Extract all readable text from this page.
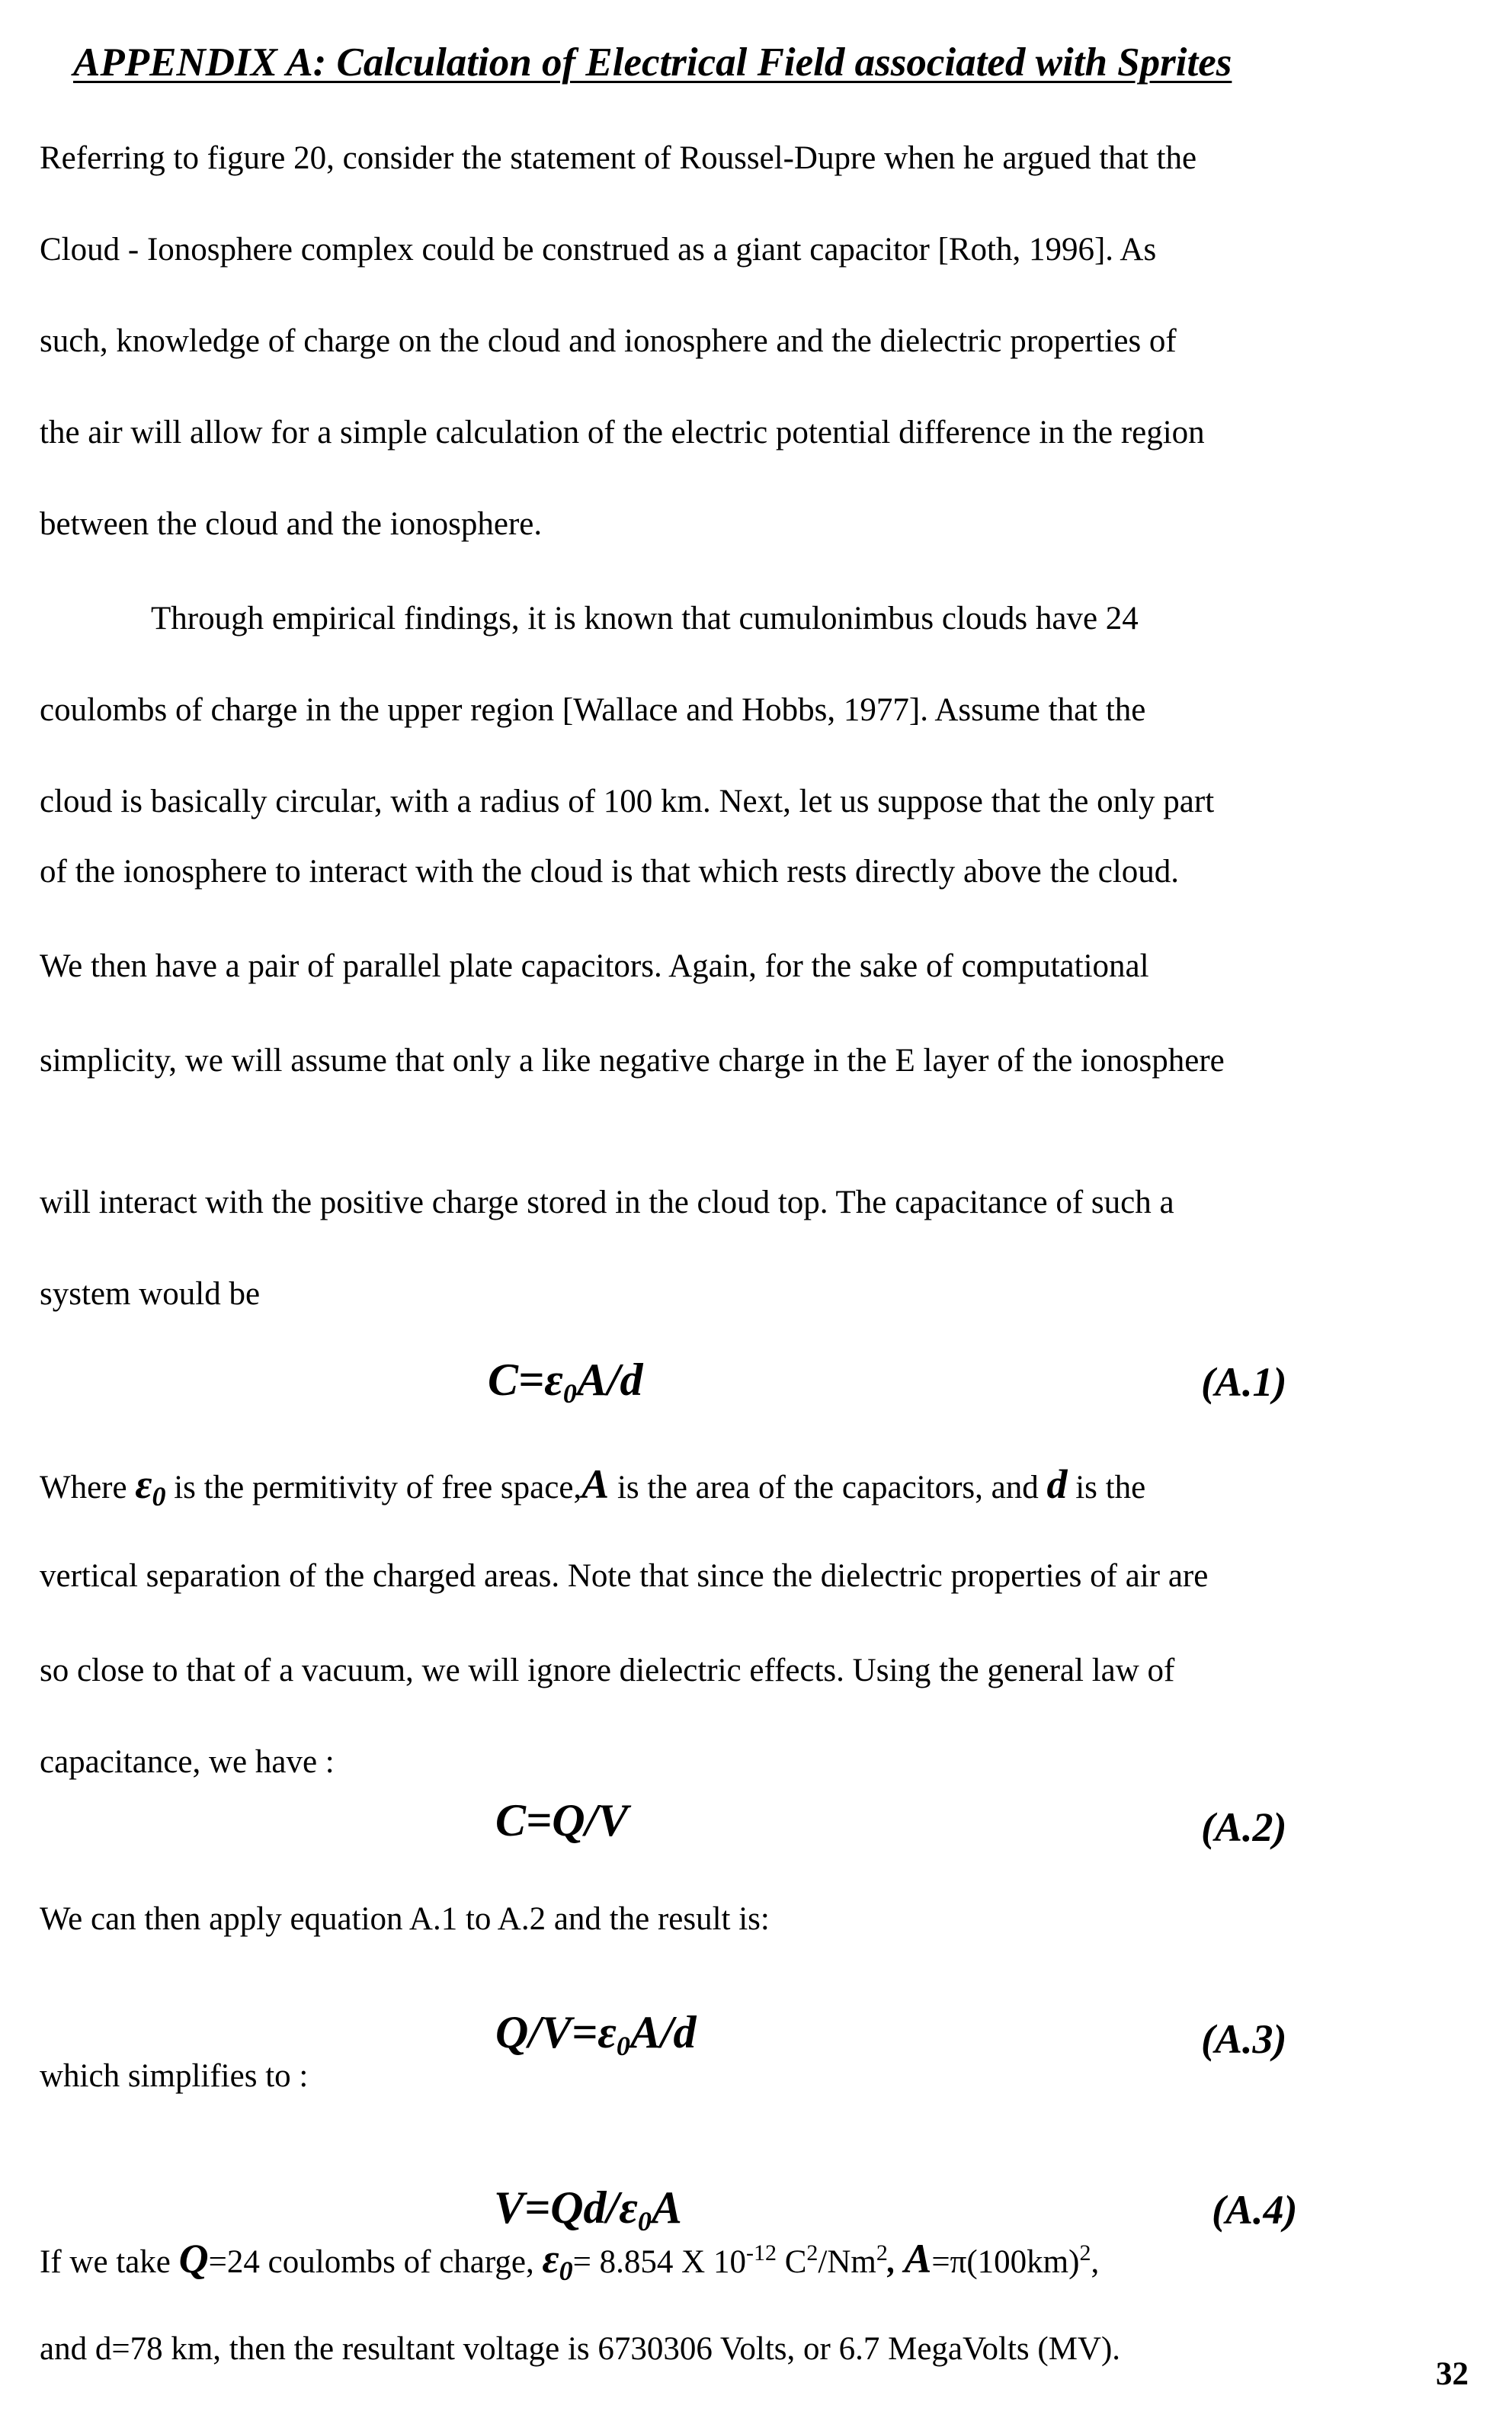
APPENDIX A: Calculation of Electrical Field associated with Sprites
Referring to figure 20, consider the statement of Roussel-Dupre when he argued that the
Cloud - Ionosphere complex could be construed as a giant capacitor [Roth, 1996]. As
such, knowledge of charge on the cloud and ionosphere and the dielectric properties of
the air will allow for a simple calculation of the electric potential difference in the region
between the cloud and the ionosphere.
Through empirical findings, it is known that cumulonimbus clouds have 24
coulombs of charge in the upper region [Wallace and Hobbs, 1977]. Assume that the
cloud is basically circular, with a radius of 100 km. Next, let us suppose that the only part
of the ionosphere to interact with the cloud is that which rests directly above the cloud.
We then have a pair of parallel plate capacitors. Again, for the sake of computational
simplicity, we will assume that only a like negative charge in the E layer of the ionosphere
will interact with the positive charge stored in the cloud top. The capacitance of such a
system would be
$C=\varepsilon_0A/d$	(A.1)
Where $\varepsilon_0$ is the permitivity of free space,A is the area of the capacitors, and d is the
vertical separation of the charged areas. Note that since the dielectric properties of air are
so close to that of a vacuum, we will ignore dielectric effects. Using the general law of
capacitance, we have :
C=Q/V	(A.2)
We can then apply equation A.1 to A.2 and the result is:
$Q/V=\varepsilon_0A/d$	(A.3)
which simplifies to :
$V=Qd/\varepsilon_0A$	(A.4)
If we take Q=24 coulombs of charge, $\varepsilon_0= 8.854$ X $10^{-12}$ $C^2/Nm^2$, $A=\pi(100km)^2$,
and d=78 km, then the resultant voltage is 6730306 Volts, or 6.7 MegaVolts (MV).
32
